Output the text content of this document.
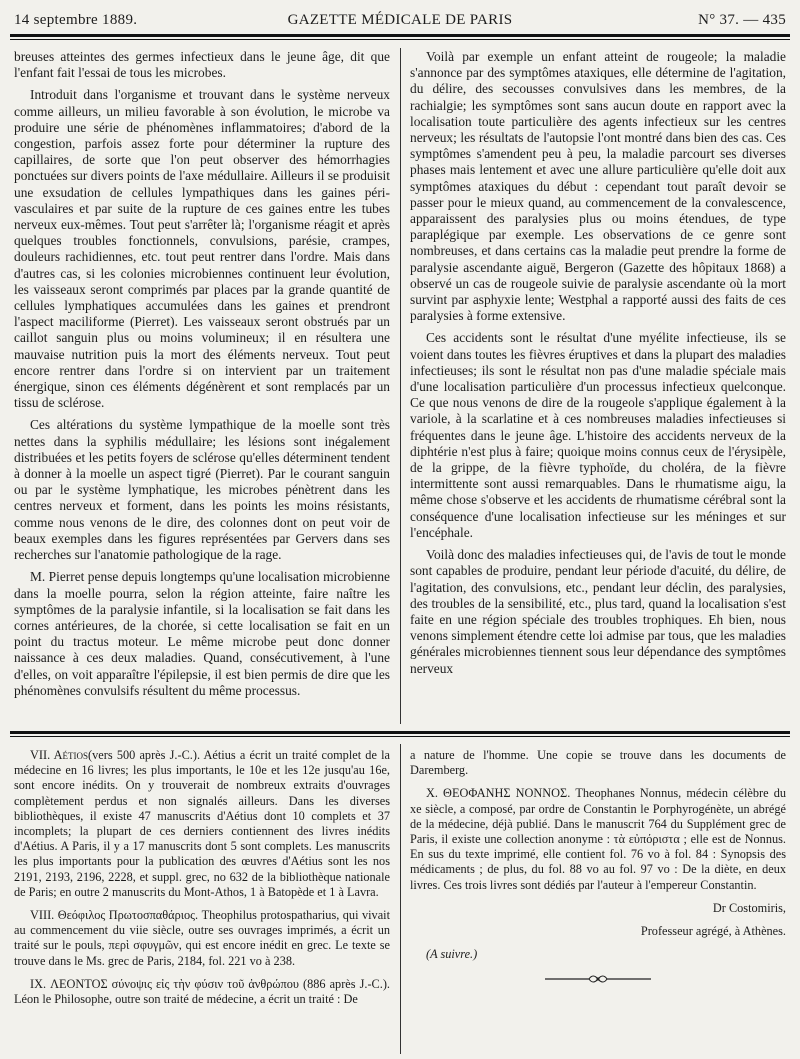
14 septembre 1889.	GAZETTE MÉDICALE DE PARIS	N° 37. — 435

breuses atteintes des germes infectieux dans le jeune âge, dit que l'enfant fait l'essai de tous les microbes.

Introduit dans l'organisme et trouvant dans le système nerveux comme ailleurs, un milieu favorable à son évolution, le microbe va produire une série de phénomènes inflammatoires; d'abord de la congestion, parfois assez forte pour déterminer la rupture des capillaires, de sorte que l'on peut observer des hémorrhagies ponctuées sur divers points de l'axe médullaire. Ailleurs il se produisit une exsudation de cellules lympathiques dans les gaines péri-vasculaires et par suite de la rupture de ces gaines entre les tubes nerveux eux-mêmes. Tout peut s'arrêter là; l'organisme réagit et après quelques troubles fonctionnels, convulsions, parésie, crampes, douleurs rachidiennes, etc. tout peut rentrer dans l'ordre. Mais dans d'autres cas, si les colonies microbiennes continuent leur évolution, les vaisseaux seront comprimés par places par la grande quantité de cellules lymphatiques accumulées dans les gaines et prendront l'aspect maciliforme (Pierret). Les vaisseaux seront obstrués par un caillot sanguin plus ou moins volumineux; il en résultera une mauvaise nutrition puis la mort des éléments nerveux. Tout peut encore rentrer dans l'ordre si on intervient par un traitement énergique, sinon ces éléments dégénèrent et sont remplacés par un tissu de sclérose.

Ces altérations du système lympathique de la moelle sont très nettes dans la syphilis médullaire; les lésions sont inégalement distribuées et les petits foyers de sclérose qu'elles déterminent tendent à donner à la moelle un aspect tigré (Pierret). Par le courant sanguin ou par le système lymphatique, les microbes pénètrent dans les centres nerveux et forment, dans les points les moins résistants, comme nous venons de le dire, des colonnes dont on peut voir de beaux exemples dans les figures représentées par Gervers dans ses recherches sur l'anatomie pathologique de la rage.

M. Pierret pense depuis longtemps qu'une localisation microbienne dans la moelle pourra, selon la région atteinte, faire naître les symptômes de la paralysie infantile, si la localisation se fait dans les cornes antérieures, de la chorée, si cette localisation se fait en un point du tractus moteur. Le même microbe peut donc donner naissance à ces deux maladies. Quand, consécutivement, à l'une d'elles, on voit apparaître l'épilepsie, il est bien permis de dire que les phénomènes convulsifs résultent du même processus.

Voilà par exemple un enfant atteint de rougeole; la maladie s'annonce par des symptômes ataxiques, elle détermine de l'agitation, du délire, des secousses convulsives dans les membres, de la rachialgie; les symptômes sont sans aucun doute en rapport avec la localisation toute particulière des agents infectieux sur les centres nerveux; les résultats de l'autopsie l'ont montré dans bien des cas. Ces symptômes s'amendent peu à peu, la maladie parcourt ses diverses phases mais lentement et avec une allure particulière qu'elle doit aux symptômes ataxiques du début : cependant tout paraît devoir se passer pour le mieux quand, au commencement de la convalescence, apparaissent des paralysies plus ou moins étendues, de type paraplégique par exemple. Les observations de ce genre sont nombreuses, et dans certains cas la maladie peut prendre la forme de paralysie ascendante aiguë, Bergeron (Gazette des hôpitaux 1868) a observé un cas de rougeole suivie de paralysie ascendante où la mort survint par asphyxie lente; Westphal a rapporté aussi des faits de ces paralysies à forme extensive.

Ces accidents sont le résultat d'une myélite infectieuse, ils se voient dans toutes les fièvres éruptives et dans la plupart des maladies infectieuses; ils sont le résultat non pas d'une maladie spéciale mais d'une localisation particulière d'un processus infectieux quelconque. Ce que nous venons de dire de la rougeole s'applique également à la variole, à la scarlatine et à ces nombreuses maladies infectieuses si fréquentes dans le jeune âge. L'histoire des accidents nerveux de la diphtérie n'est plus à faire; quoique moins connus ceux de l'érysipèle, de la grippe, de la fièvre typhoïde, du choléra, de la fièvre intermittente sont aussi remarquables. Dans le rhumatisme aigu, la même chose s'observe et les accidents de rhumatisme cérébral sont la conséquence d'une localisation infectieuse sur les méninges et sur l'encéphale.

Voilà donc des maladies infectieuses qui, de l'avis de tout le monde sont capables de produire, pendant leur période d'acuité, du délire, de l'agitation, des convulsions, etc., pendant leur déclin, des paralysies, des troubles de la sensibilité, etc., plus tard, quand la localisation s'est faite en une région spéciale des troubles trophiques. Eh bien, nous venons simplement étendre cette loi admise par tous, que les maladies générales microbiennes tiennent sous leur dépendance des symptômes nerveux

VII. Aétios(vers 500 après J.-C.). Aétius a écrit un traité complet de la médecine en 16 livres; les plus importants, le 10e et les 12e jusqu'au 16e, sont encore inédits. On y trouverait de nombreux extraits d'ouvrages complètement perdus et non signalés ailleurs. Dans les diverses bibliothèques, il existe 47 manuscrits d'Aétius dont 10 complets et 37 incomplets; la plupart de ces derniers contiennent des livres inédits d'Aétius. A Paris, il y a 17 manuscrits dont 5 sont complets. Les manuscrits les plus importants pour la publication des œuvres d'Aétius sont les nos 2191, 2193, 2196, 2228, et suppl. grec, no 632 de la bibliothèque nationale de Paris; en outre 2 manuscrits du Mont-Athos, 1 à Batopède et 1 à Lavra.

VIII. Θεόφιλος Πρωτοσπαθάριος. Theophilus protospatharius, qui vivait au commencement du viie siècle, outre ses ouvrages imprimés, a écrit un traité sur le pouls, περὶ σφυγμῶν, qui est encore inédit en grec. Le texte se trouve dans le Ms. grec de Paris, 2184, fol. 221 vo à 238.

IX. ΛΕΟΝΤΟΣ σύνοψις εἰς τὴν φύσιν τοῦ ἀνθρώπου (886 après J.-C.). Léon le Philosophe, outre son traité de médecine, a écrit un traité : De

a nature de l'homme. Une copie se trouve dans les documents de Daremberg.

X. ΘΕΟΦΑΝΗΣ ΝΟΝΝΟΣ. Theophanes Nonnus, médecin célèbre du xe siècle, a composé, par ordre de Constantin le Porphyrogénète, un abrégé de la médecine, déjà publié. Dans le manuscrit 764 du Supplément grec de Paris, il existe une collection anonyme : τὰ εὐπόριστα ; elle est de Nonnus. En sus du texte imprimé, elle contient fol. 76 vo à fol. 84 : Synopsis des médicaments ; de plus, du fol. 88 vo au fol. 97 vo : De la diète, en deux livres. Ces trois livres sont dédiés par l'auteur à l'empereur Constantin.

Dr Costomiris,

Professeur agrégé, à Athènes.

(A suivre.)
